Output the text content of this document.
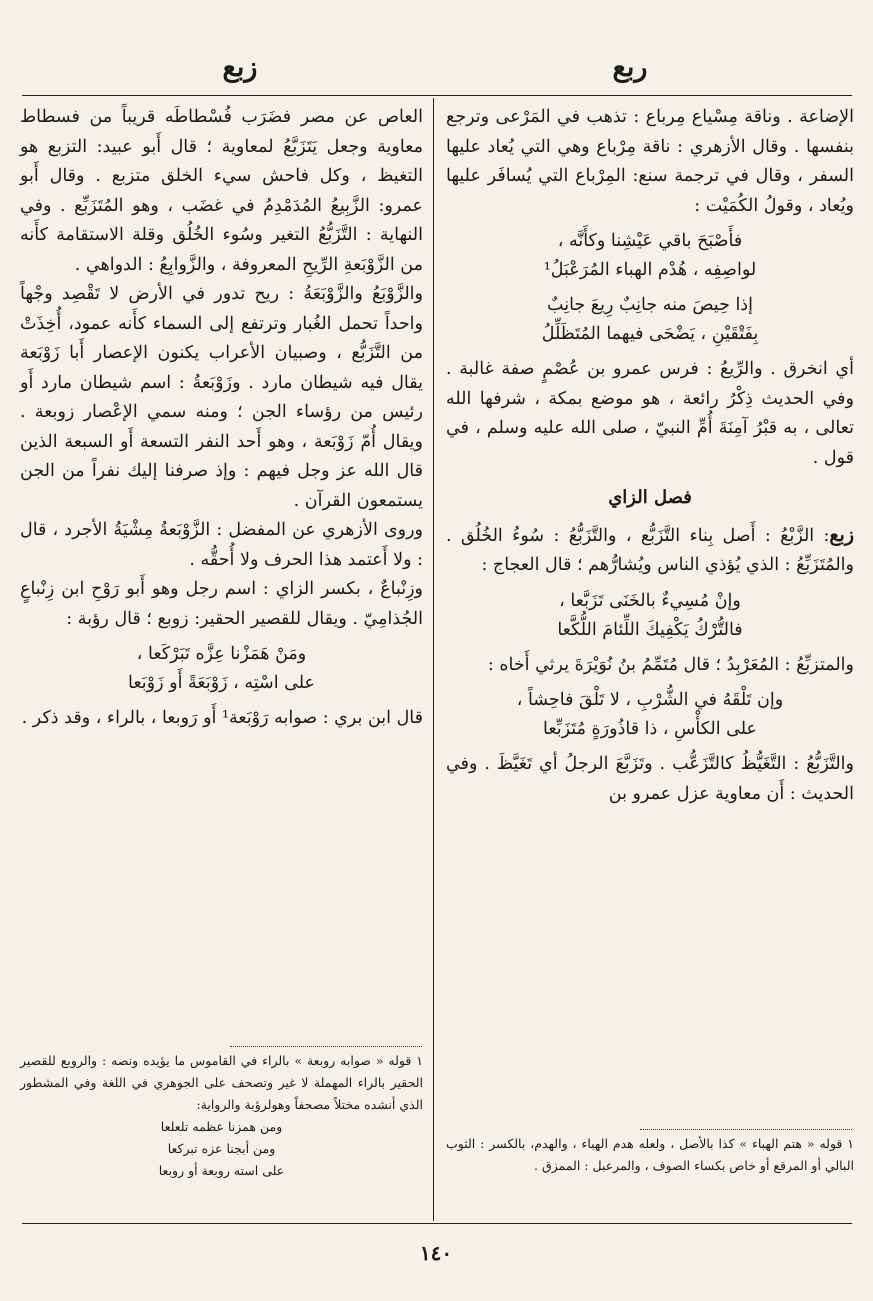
ربع
زبع

الإضاعة . وناقة مِسْياع مِرباع : تذهب في المَرْعى وترجع بنفسها . وقال الأزهري : ناقة مِرْباع وهي التي يُعاد عليها السفر ، وقال في ترجمة سنع: المِرْباع التي يُسافَر عليها ويُعاد ، وقولُ الكُمَيْت :

فأَصْبَحَ باقي عَيْشِنا وكأَنَّه ،
لواصِفِه ، هُدْم الهباء المُرَعْبَلُ¹
إذا حِيصَ منه جانِبٌ رِيعَ جانِبٌ
بِفَتْقَيْنِ ، يَضْحَى فيهما المُتَظَلِّلُ

أي انخرق . والرِّيعُ : فرس عمرو بن عُصْمٍ صفة غالبة . وفي الحديث ذِكْرُ رائعة ، هو موضع بمكة ، شرفها الله تعالى ، به قبْرُ آمِنَةَ أُمِّ النبيّ ، صلى الله عليه وسلم ، في قول .

فصل الزاي

زبع: الزَّبْعُ : أَصل بِناء التَّزَبُّع ، والتَّزَبُّعُ : سُوءُ الخُلُق . والمُتَزَبِّعُ : الذي يُؤذي الناس ويُشارُّهم ؛ قال العجاج :

وإنْ مُسِيءٌ بالخَنَى تَزَبَّعا ،
فالتُّرْكُ يَكْفِيكَ اللِّئامَ اللُّكَّعا

والمتزبِّعُ : المُعَرْبِدُ ؛ قال مُتَمِّمُ بنُ نُوَيْرَةَ يرثي أَخاه :

وإن تَلْقَهُ في الشُّرْبِ ، لا تَلْقَ فاحِشاً ،
على الكأْسِ ، ذا قاذُورَةٍ مُتَزَبِّعا

والتَّزَبُّعُ : التَّغَيُّظُ كالتَّزَعُّب . وتَزَبَّعَ الرجلُ أي تَغَيَّظَ . وفي الحديث : أَن معاوية عزل عمرو بن

١ قوله « هتم الهباء » كذا بالأصل ، ولعله هدم الهباء ، والهدم، بالكسر : الثوب البالي أو المرقع أو خاص بكساء الصوف ، والمرعبل : الممزق .

العاص عن مصر فضَرَب فُسْطاطَه قريباً من فسطاط معاوية وجعل يَتَزَبَّعُ لمعاوية ؛ قال أَبو عبيد: التزبع هو التغيظ ، وكل فاحش سيء الخلق متزبع . وقال أَبو عمرو: الزَّبِيعُ المُدَمْدِمُ في غضَب ، وهو المُتَزَبِّع . وفي النهاية : التَّزَبُّعُ التغير وسُوء الخُلُق وقلة الاستقامة كأَنه من الزَّوْبَعةِ الرِّيحِ المعروفة ، والزَّوابِعُ : الدواهي .

والزَّوْبَعُ والزَّوْبَعَةُ : ريح تدور في الأرض لا تَقْصِد وجْهاً واحداً تحمل الغُبار وترتفع إلى السماء كأَنه عمود، أُخِذَتْ من التَّزَبُّع ، وصبيان الأعراب يكنون الإعصار أَبا زَوْبَعة يقال فيه شيطان مارد . وزَوْبَعةُ : اسم شيطان مارد أَو رئيس من رؤساء الجن ؛ ومنه سمي الإعْصار زوبعة . ويقال أُمّ زَوْبَعة ، وهو أَحد النفر التسعة أَو السبعة الذين قال الله عز وجل فيهم : وإذ صرفنا إليك نفراً من الجن يستمعون القرآن .

وروى الأزهري عن المفضل : الزَّوْبَعةُ مِشْيَةُ الأجرد ، قال : ولا أَعتمد هذا الحرف ولا أُحقُّه .

وزِنْباعٌ ، بكسر الزاي : اسم رجل وهو أَبو رَوْحِ ابن زِنْباعٍ الجُذامِيّ . ويقال للقصير الحقير: زوبع ؛ قال رؤبة :

ومَنْ هَمَزْنا عِزَّه تَبَرْكَعا ،
على اسْتِه ، زَوْبَعَةً أَو زَوْبَعا

قال ابن بري : صوابه رَوْبَعة¹ أَو رَوبعا ، بالراء ، وقد ذكر .

١ قوله « صوابه روبعة » بالراء في القاموس ما يؤيده ونصه : والروبع للقصير الحقير بالراء المهملة لا غير وتصحف على الجوهري في اللغة وفي المشطور الذي أنشده مختلاً مصحفاً وهولرؤبة والرواية:
ومن همزنا عظمه تلعلعا
ومن أبجنا عزه تبركعا
على استه روبعة أو روبعا
١٤٠
